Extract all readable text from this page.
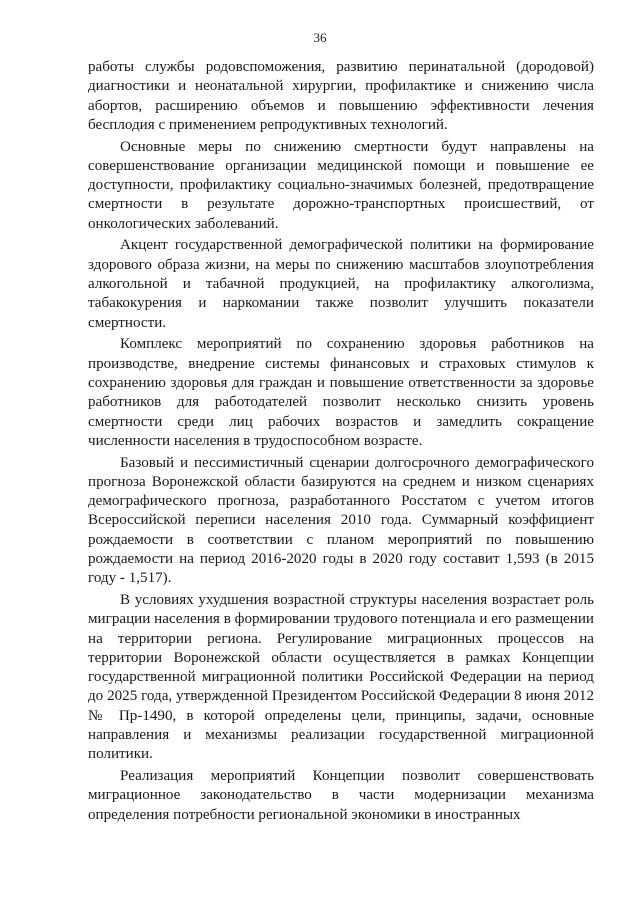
36

работы службы родовспоможения, развитию перинатальной (дородовой) диагностики и неонатальной хирургии, профилактике и снижению числа абортов, расширению объемов и повышению эффективности лечения бесплодия с применением репродуктивных технологий.

Основные меры по снижению смертности будут направлены на совершенствование организации медицинской помощи и повышение ее доступности, профилактику социально-значимых болезней, предотвращение смертности в результате дорожно-транспортных происшествий, от онкологических заболеваний.

Акцент государственной демографической политики на формирование здорового образа жизни, на меры по снижению масштабов злоупотребления алкогольной и табачной продукцией, на профилактику алкоголизма, табакокурения и наркомании также позволит улучшить показатели смертности.

Комплекс мероприятий по сохранению здоровья работников на производстве, внедрение системы финансовых и страховых стимулов к сохранению здоровья для граждан и повышение ответственности за здоровье работников для работодателей позволит несколько снизить уровень смертности среди лиц рабочих возрастов и замедлить сокращение численности населения в трудоспособном возрасте.

Базовый и пессимистичный сценарии долгосрочного демографического прогноза Воронежской области базируются на среднем и низком сценариях демографического прогноза, разработанного Росстатом с учетом итогов Всероссийской переписи населения 2010 года. Суммарный коэффициент рождаемости в соответствии с планом мероприятий по повышению рождаемости на период 2016-2020 годы в 2020 году составит 1,593 (в 2015 году - 1,517).

В условиях ухудшения возрастной структуры населения возрастает роль миграции населения в формировании трудового потенциала и его размещении на территории региона. Регулирование миграционных процессов на территории Воронежской области осуществляется в рамках Концепции государственной миграционной политики Российской Федерации на период до 2025 года, утвержденной Президентом Российской Федерации 8 июня 2012 № Пр-1490, в которой определены цели, принципы, задачи, основные направления и механизмы реализации государственной миграционной политики.

Реализация мероприятий Концепции позволит совершенствовать миграционное законодательство в части модернизации механизма определения потребности региональной экономики в иностранных
